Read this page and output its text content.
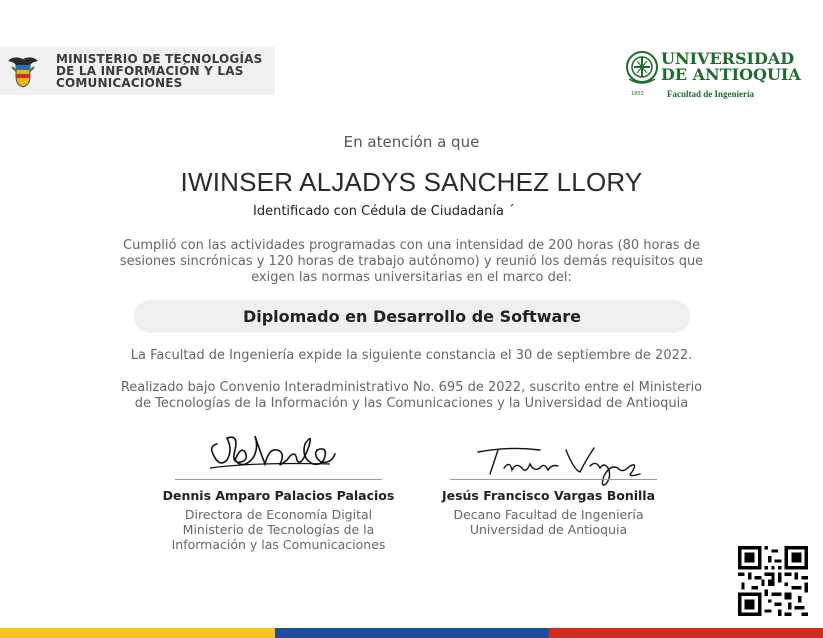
MINISTERIO DE TECNOLOGÍAS
DE LA INFORMACIÓN Y LAS
COMUNICACIONES
UNIVERSIDAD
DE ANTIOQUIA
1803	Facultad de Ingeniería
En atención a que
IWINSER ALJADYS SANCHEZ LLORY
Identificado con Cédula de Ciudadanía ´
Cumplió con las actividades programadas con una intensidad de 200 horas (80 horas de
sesiones sincrónicas y 120 horas de trabajo autónomo) y reunió los demás requisitos que
exigen las normas universitarias en el marco del:
Diplomado en Desarrollo de Software
La Facultad de Ingeniería expide la siguiente constancia el 30 de septiembre de 2022.
Realizado bajo Convenio Interadministrativo No. 695 de 2022, suscrito entre el Ministerio
de Tecnologías de la Información y las Comunicaciones y la Universidad de Antioquia
Dennis Amparo Palacios Palacios
Directora de Economía Digital
Ministerio de Tecnologías de la
Información y las Comunicaciones
Jesús Francisco Vargas Bonilla
Decano Facultad de Ingeniería
Universidad de Antioquia
